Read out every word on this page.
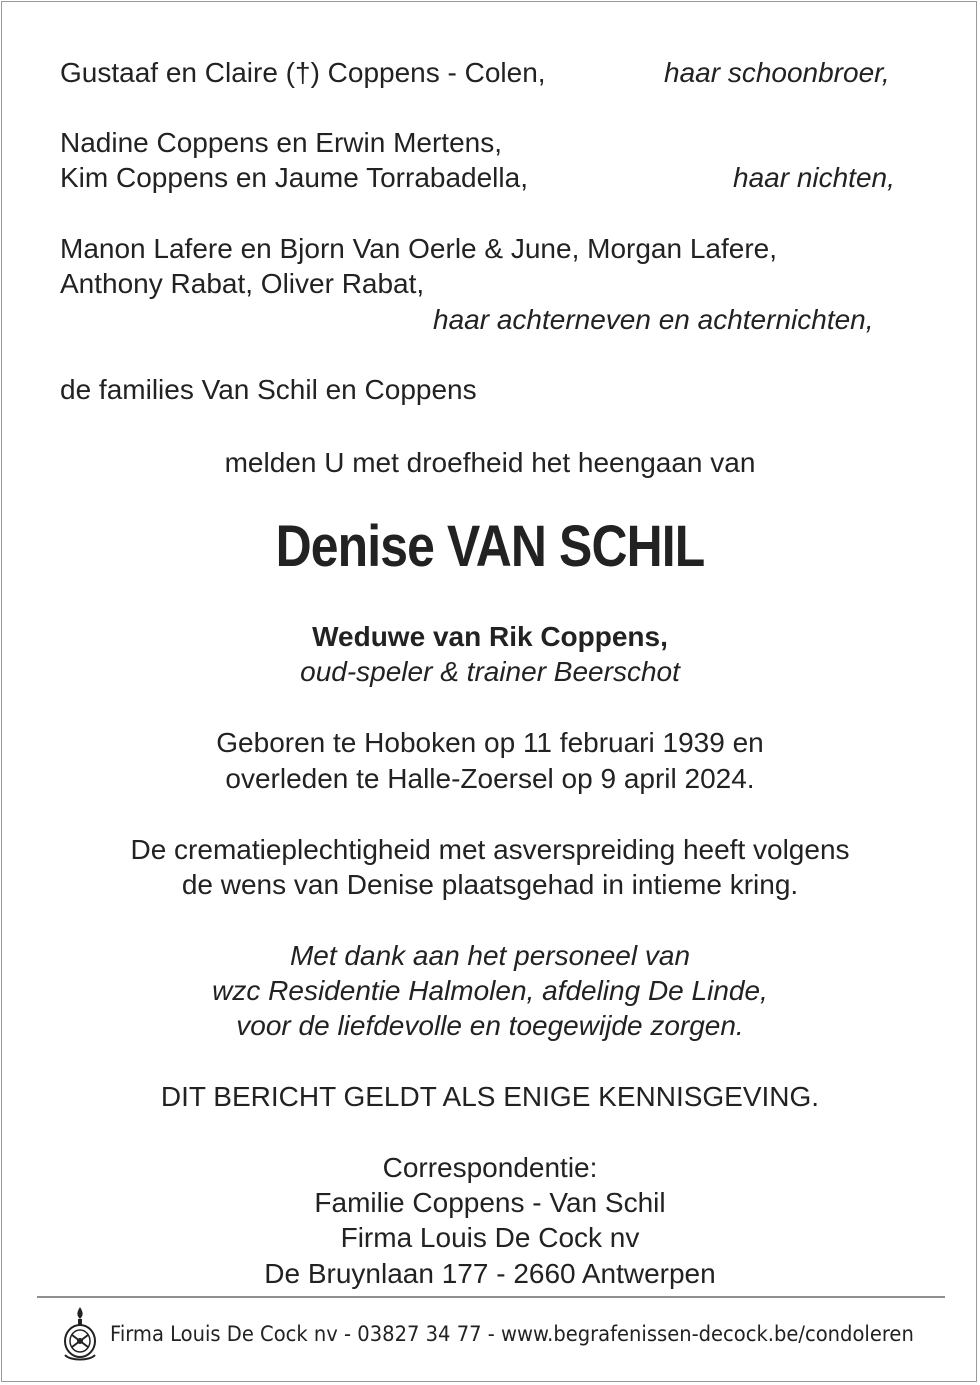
Gustaaf en Claire (†) Coppens - Colen,	haar schoonbroer,
Nadine Coppens en Erwin Mertens,
Kim Coppens en Jaume Torrabadella,	haar nichten,
Manon Lafere en Bjorn Van Oerle & June, Morgan Lafere,
Anthony Rabat, Oliver Rabat,
haar achterneven en achternichten,
de families Van Schil en Coppens
melden U met droefheid het heengaan van
Denise VAN SCHIL
Weduwe van Rik Coppens,
oud-speler & trainer Beerschot
Geboren te Hoboken op 11 februari 1939 en
overleden te Halle-Zoersel op 9 april 2024.
De crematieplechtigheid met asverspreiding heeft volgens
de wens van Denise plaatsgehad in intieme kring.
Met dank aan het personeel van
wzc Residentie Halmolen, afdeling De Linde,
voor de liefdevolle en toegewijde zorgen.
DIT BERICHT GELDT ALS ENIGE KENNISGEVING.
Correspondentie:
Familie Coppens - Van Schil
Firma Louis De Cock nv
De Bruynlaan 177 - 2660 Antwerpen
Firma Louis De Cock nv - 03827 34 77 - www.begrafenissen-decock.be/condoleren
